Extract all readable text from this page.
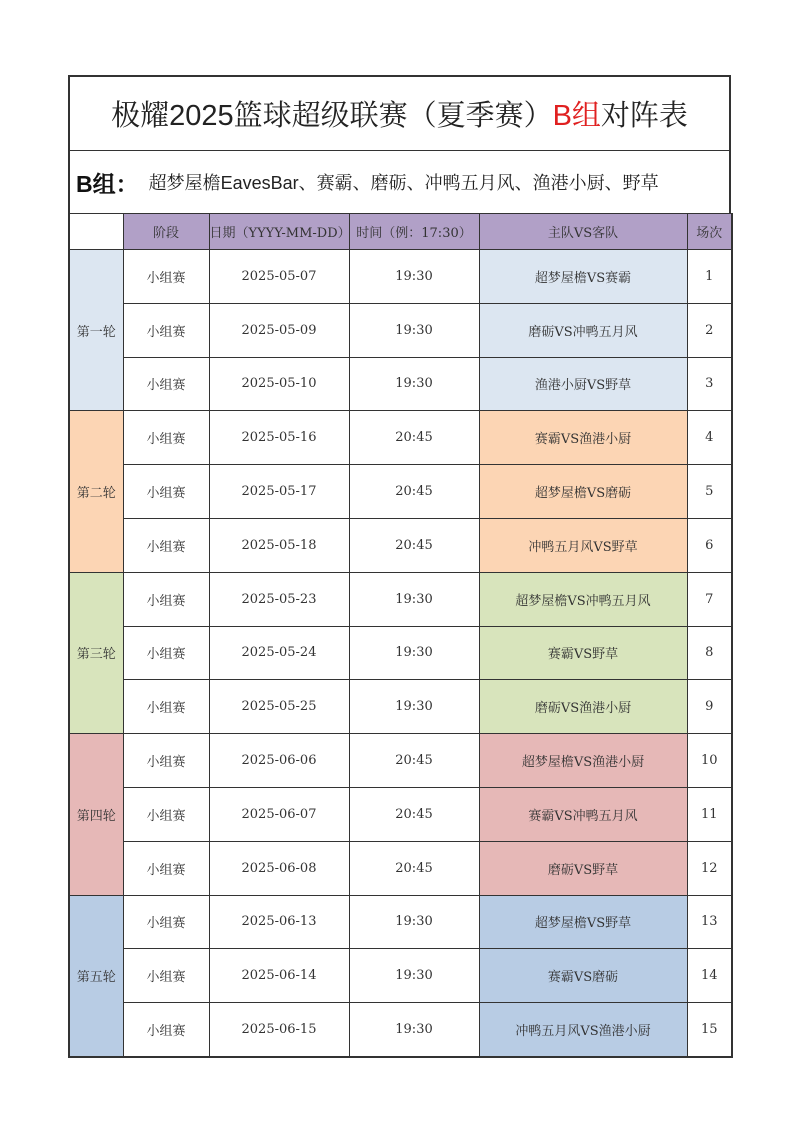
极耀2025篮球超级联赛（夏季赛） B组 对阵表
B组： 超梦屋檐EavesBar、赛霸、磨砺、冲鸭五月风、渔港小厨、野草
	阶段	日期（YYYY-MM-DD）	时间（例：17:30）	主队VS客队	场次
第一轮	小组赛	2025-05-07	19:30	超梦屋檐VS赛霸	1
	小组赛	2025-05-09	19:30	磨砺VS冲鸭五月风	2
	小组赛	2025-05-10	19:30	渔港小厨VS野草	3
第二轮	小组赛	2025-05-16	20:45	赛霸VS渔港小厨	4
	小组赛	2025-05-17	20:45	超梦屋檐VS磨砺	5
	小组赛	2025-05-18	20:45	冲鸭五月风VS野草	6
第三轮	小组赛	2025-05-23	19:30	超梦屋檐VS冲鸭五月风	7
	小组赛	2025-05-24	19:30	赛霸VS野草	8
	小组赛	2025-05-25	19:30	磨砺VS渔港小厨	9
第四轮	小组赛	2025-06-06	20:45	超梦屋檐VS渔港小厨	10
	小组赛	2025-06-07	20:45	赛霸VS冲鸭五月风	11
	小组赛	2025-06-08	20:45	磨砺VS野草	12
第五轮	小组赛	2025-06-13	19:30	超梦屋檐VS野草	13
	小组赛	2025-06-14	19:30	赛霸VS磨砺	14
	小组赛	2025-06-15	19:30	冲鸭五月风VS渔港小厨	15
